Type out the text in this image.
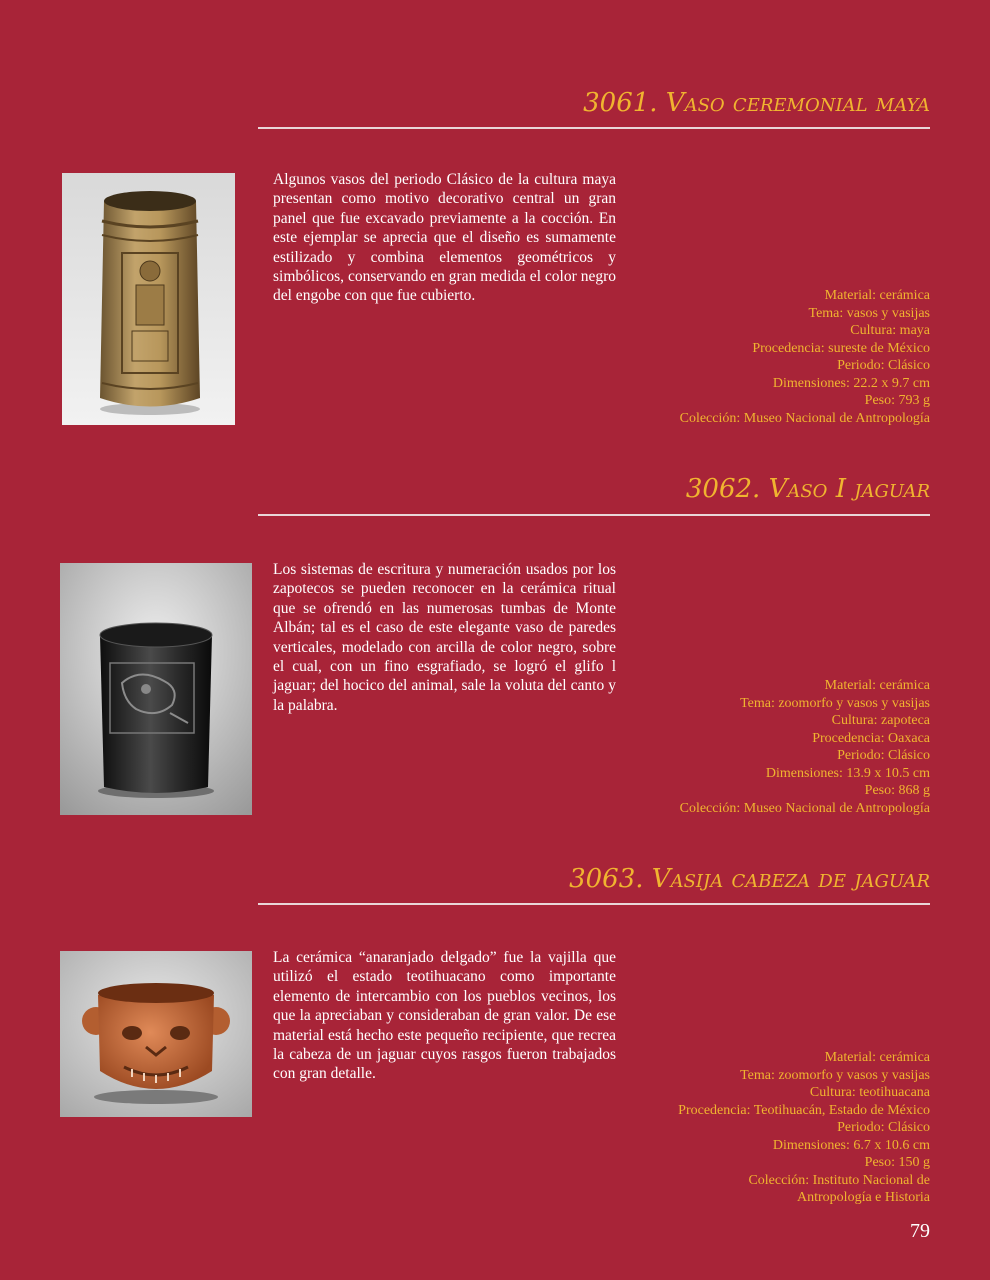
3061. Vaso ceremonial maya

Algunos vasos del periodo Clásico de la cultura maya presentan como motivo decorativo central un gran panel que fue excavado previamente a la cocción. En este ejemplar se aprecia que el diseño es sumamente estilizado y combina elementos geométricos y simbólicos, conservando en gran medida el color negro del engobe con que fue cubierto.	Material: cerámica
Tema: vasos y vasijas
Cultura: maya
Procedencia: sureste de México
Periodo: Clásico
Dimensiones: 22.2 x 9.7 cm
Peso: 793 g
Colección: Museo Nacional de Antropología
3062. Vaso I jaguar

Los sistemas de escritura y numeración usados por los zapotecos se pueden reconocer en la cerámica ritual que se ofrendó en las numerosas tumbas de Monte Albán; tal es el caso de este elegante vaso de paredes verticales, modelado con arcilla de color negro, sobre el cual, con un fino esgrafiado, se logró el glifo l jaguar; del hocico del animal, sale la voluta del canto y la palabra.

Material: cerámica
Tema: zoomorfo y vasos y vasijas
Cultura: zapoteca
Procedencia: Oaxaca
Periodo: Clásico
Dimensiones: 13.9 x 10.5 cm
Peso: 868 g
Colección: Museo Nacional de Antropología
3063. Vasija cabeza de jaguar

La cerámica “anaranjado delgado” fue la vajilla que utilizó el estado teotihuacano como importante elemento de intercambio con los pueblos vecinos, los que la apreciaban y consideraban de gran valor. De ese material está hecho este pequeño recipiente, que recrea la cabeza de un jaguar cuyos rasgos fueron trabajados con gran detalle.

Material: cerámica
Tema: zoomorfo y vasos y vasijas
Cultura: teotihuacana
Procedencia: Teotihuacán, Estado de México
Periodo: Clásico
Dimensiones: 6.7 x 10.6 cm
Peso: 150 g
Colección: Instituto Nacional de
Antropología e Historia
79
